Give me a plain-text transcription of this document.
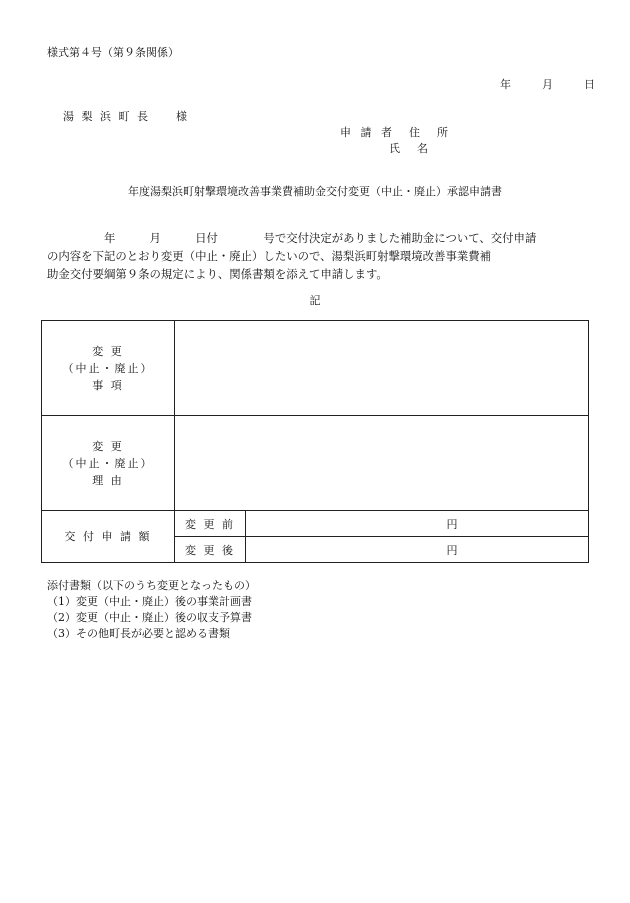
様式第４号（第９条関係）
年	月	日
湯 梨 浜 町 長　　様
申 請 者　住　所
氏　名
年度湯梨浜町射撃環境改善事業費補助金交付変更（中止・廃止）承認申請書

　　　　　年　　　月　　　日付　　　　号で交付決定がありました補助金について、交付申請

の内容を下記のとおり変更（中止・廃止）したいので、湯梨浜町射撃環境改善事業費補

助金交付要綱第９条の規定により、関係書類を添えて申請します。

記
変 更
（中止・廃止）
事 項		

変 更
（中止・廃止）
理 由		

交 付 申 請 額	変 更 前	円
	変 更 後	円
添付書類（以下のうち変更となったもの）
（1）変更（中止・廃止）後の事業計画書
（2）変更（中止・廃止）後の収支予算書
（3）その他町長が必要と認める書類
